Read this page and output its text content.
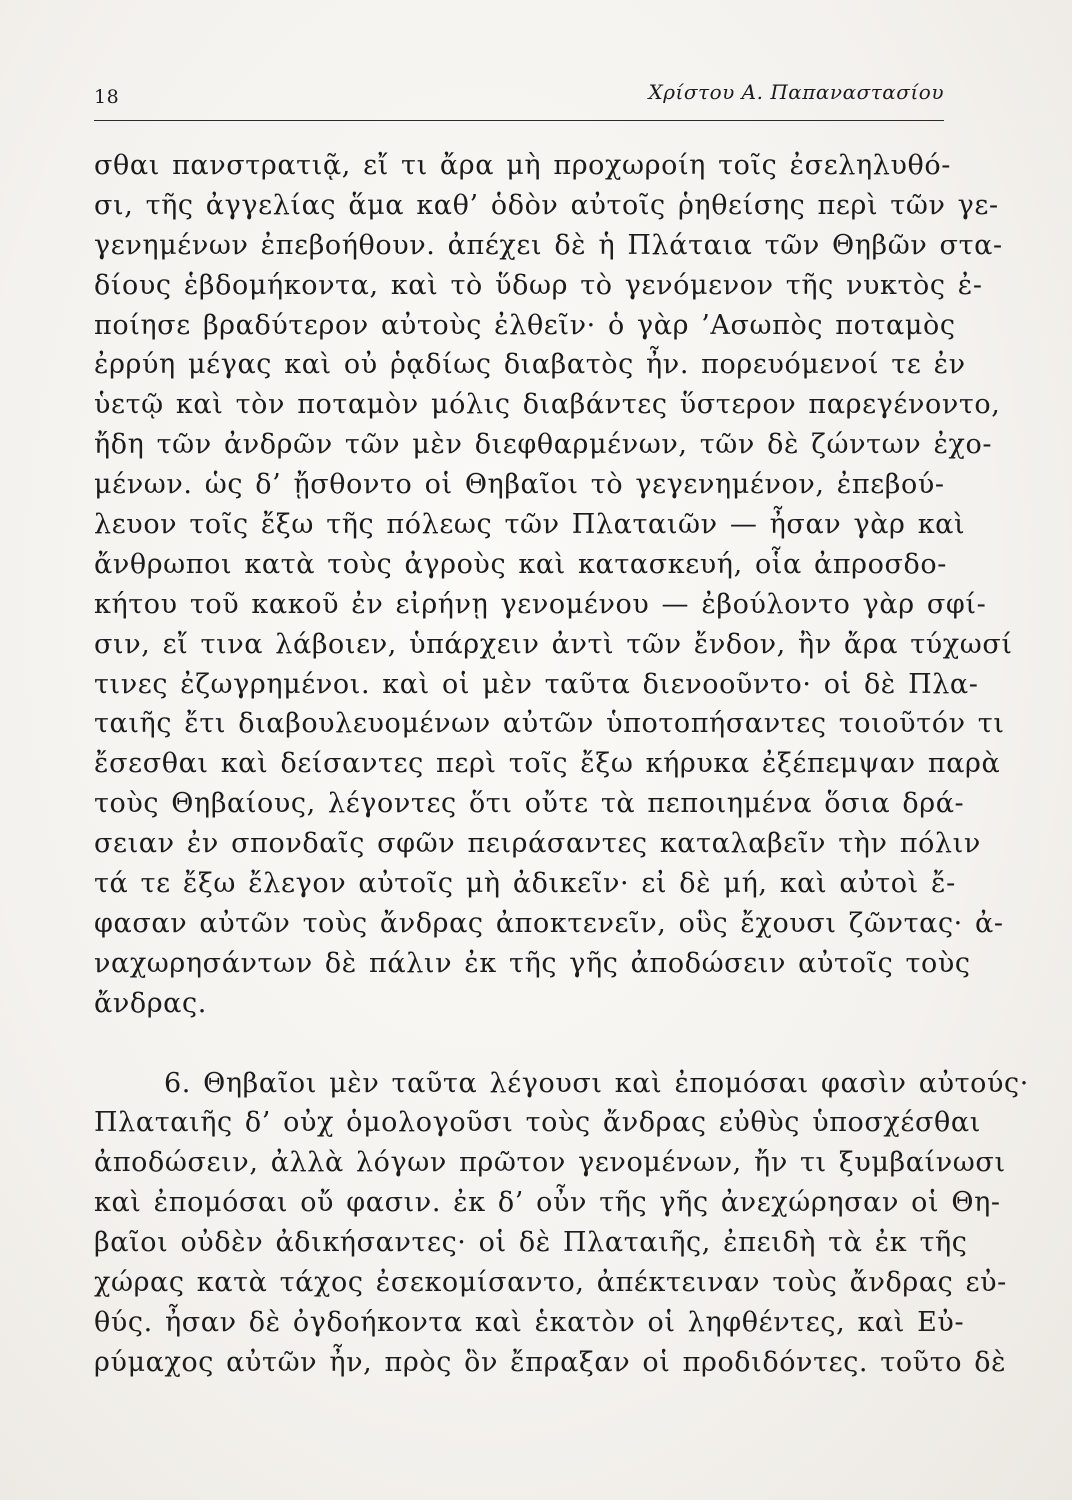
18	Χρίστου Α. Παπαναστασίου
σθαι πανστρατιᾷ, εἴ τι ἄρα μὴ προχωροίη τοῖς ἐσεληλυθό-
σι, τῆς ἀγγελίας ἅμα καθ’ ὁδὸν αὐτοῖς ῥηθείσης περὶ τῶν γε-
γενημένων ἐπεβοήθουν. ἀπέχει δὲ ἡ Πλάταια τῶν Θηβῶν στα-
δίους ἑβδομήκοντα, καὶ τὸ ὕδωρ τὸ γενόμενον τῆς νυκτὸς ἐ-
ποίησε βραδύτερον αὐτοὺς ἐλθεῖν· ὁ γὰρ ’Ασωπὸς ποταμὸς
ἐρρύη μέγας καὶ οὐ ῥᾳδίως διαβατὸς ἦν. πορευόμενοί τε ἐν
ὑετῷ καὶ τὸν ποταμὸν μόλις διαβάντες ὕστερον παρεγένοντο,
ἤδη τῶν ἀνδρῶν τῶν μὲν διεφθαρμένων, τῶν δὲ ζώντων ἐχο-
μένων. ὡς δ’ ᾔσθοντο οἱ Θηβαῖοι τὸ γεγενημένον, ἐπεβού-
λευον τοῖς ἔξω τῆς πόλεως τῶν Πλαταιῶν — ἦσαν γὰρ καὶ
ἄνθρωποι κατὰ τοὺς ἀγροὺς καὶ κατασκευή, οἷα ἀπροσδο-
κήτου τοῦ κακοῦ ἐν εἰρήνῃ γενομένου — ἐβούλοντο γὰρ σφί-
σιν, εἴ τινα λάβοιεν, ὑπάρχειν ἀντὶ τῶν ἔνδον, ἢν ἄρα τύχωσί
τινες ἐζωγρημένοι. καὶ οἱ μὲν ταῦτα διενοοῦντο· οἱ δὲ Πλα-
ταιῆς ἔτι διαβουλευομένων αὐτῶν ὑποτοπήσαντες τοιοῦτόν τι
ἔσεσθαι καὶ δείσαντες περὶ τοῖς ἔξω κήρυκα ἐξέπεμψαν παρὰ
τοὺς Θηβαίους, λέγοντες ὅτι οὔτε τὰ πεποιημένα ὅσια δρά-
σειαν ἐν σπονδαῖς σφῶν πειράσαντες καταλαβεῖν τὴν πόλιν
τά τε ἔξω ἔλεγον αὐτοῖς μὴ ἀδικεῖν· εἰ δὲ μή, καὶ αὐτοὶ ἔ-
φασαν αὐτῶν τοὺς ἄνδρας ἀποκτενεῖν, οὓς ἔχουσι ζῶντας· ἀ-
ναχωρησάντων δὲ πάλιν ἐκ τῆς γῆς ἀποδώσειν αὐτοῖς τοὺς
ἄνδρας.
6. Θηβαῖοι μὲν ταῦτα λέγουσι καὶ ἐπομόσαι φασὶν αὐτούς·
Πλαταιῆς δ’ οὐχ ὁμολογοῦσι τοὺς ἄνδρας εὐθὺς ὑποσχέσθαι
ἀποδώσειν, ἀλλὰ λόγων πρῶτον γενομένων, ἤν τι ξυμβαίνωσι
καὶ ἐπομόσαι οὔ φασιν. ἐκ δ’ οὖν τῆς γῆς ἀνεχώρησαν οἱ Θη-
βαῖοι οὐδὲν ἀδικήσαντες· οἱ δὲ Πλαταιῆς, ἐπειδὴ τὰ ἐκ τῆς
χώρας κατὰ τάχος ἐσεκομίσαντο, ἀπέκτειναν τοὺς ἄνδρας εὐ-
θύς. ἦσαν δὲ ὀγδοήκοντα καὶ ἑκατὸν οἱ ληφθέντες, καὶ Εὐ-
ρύμαχος αὐτῶν ἦν, πρὸς ὃν ἔπραξαν οἱ προδιδόντες. τοῦτο δὲ
